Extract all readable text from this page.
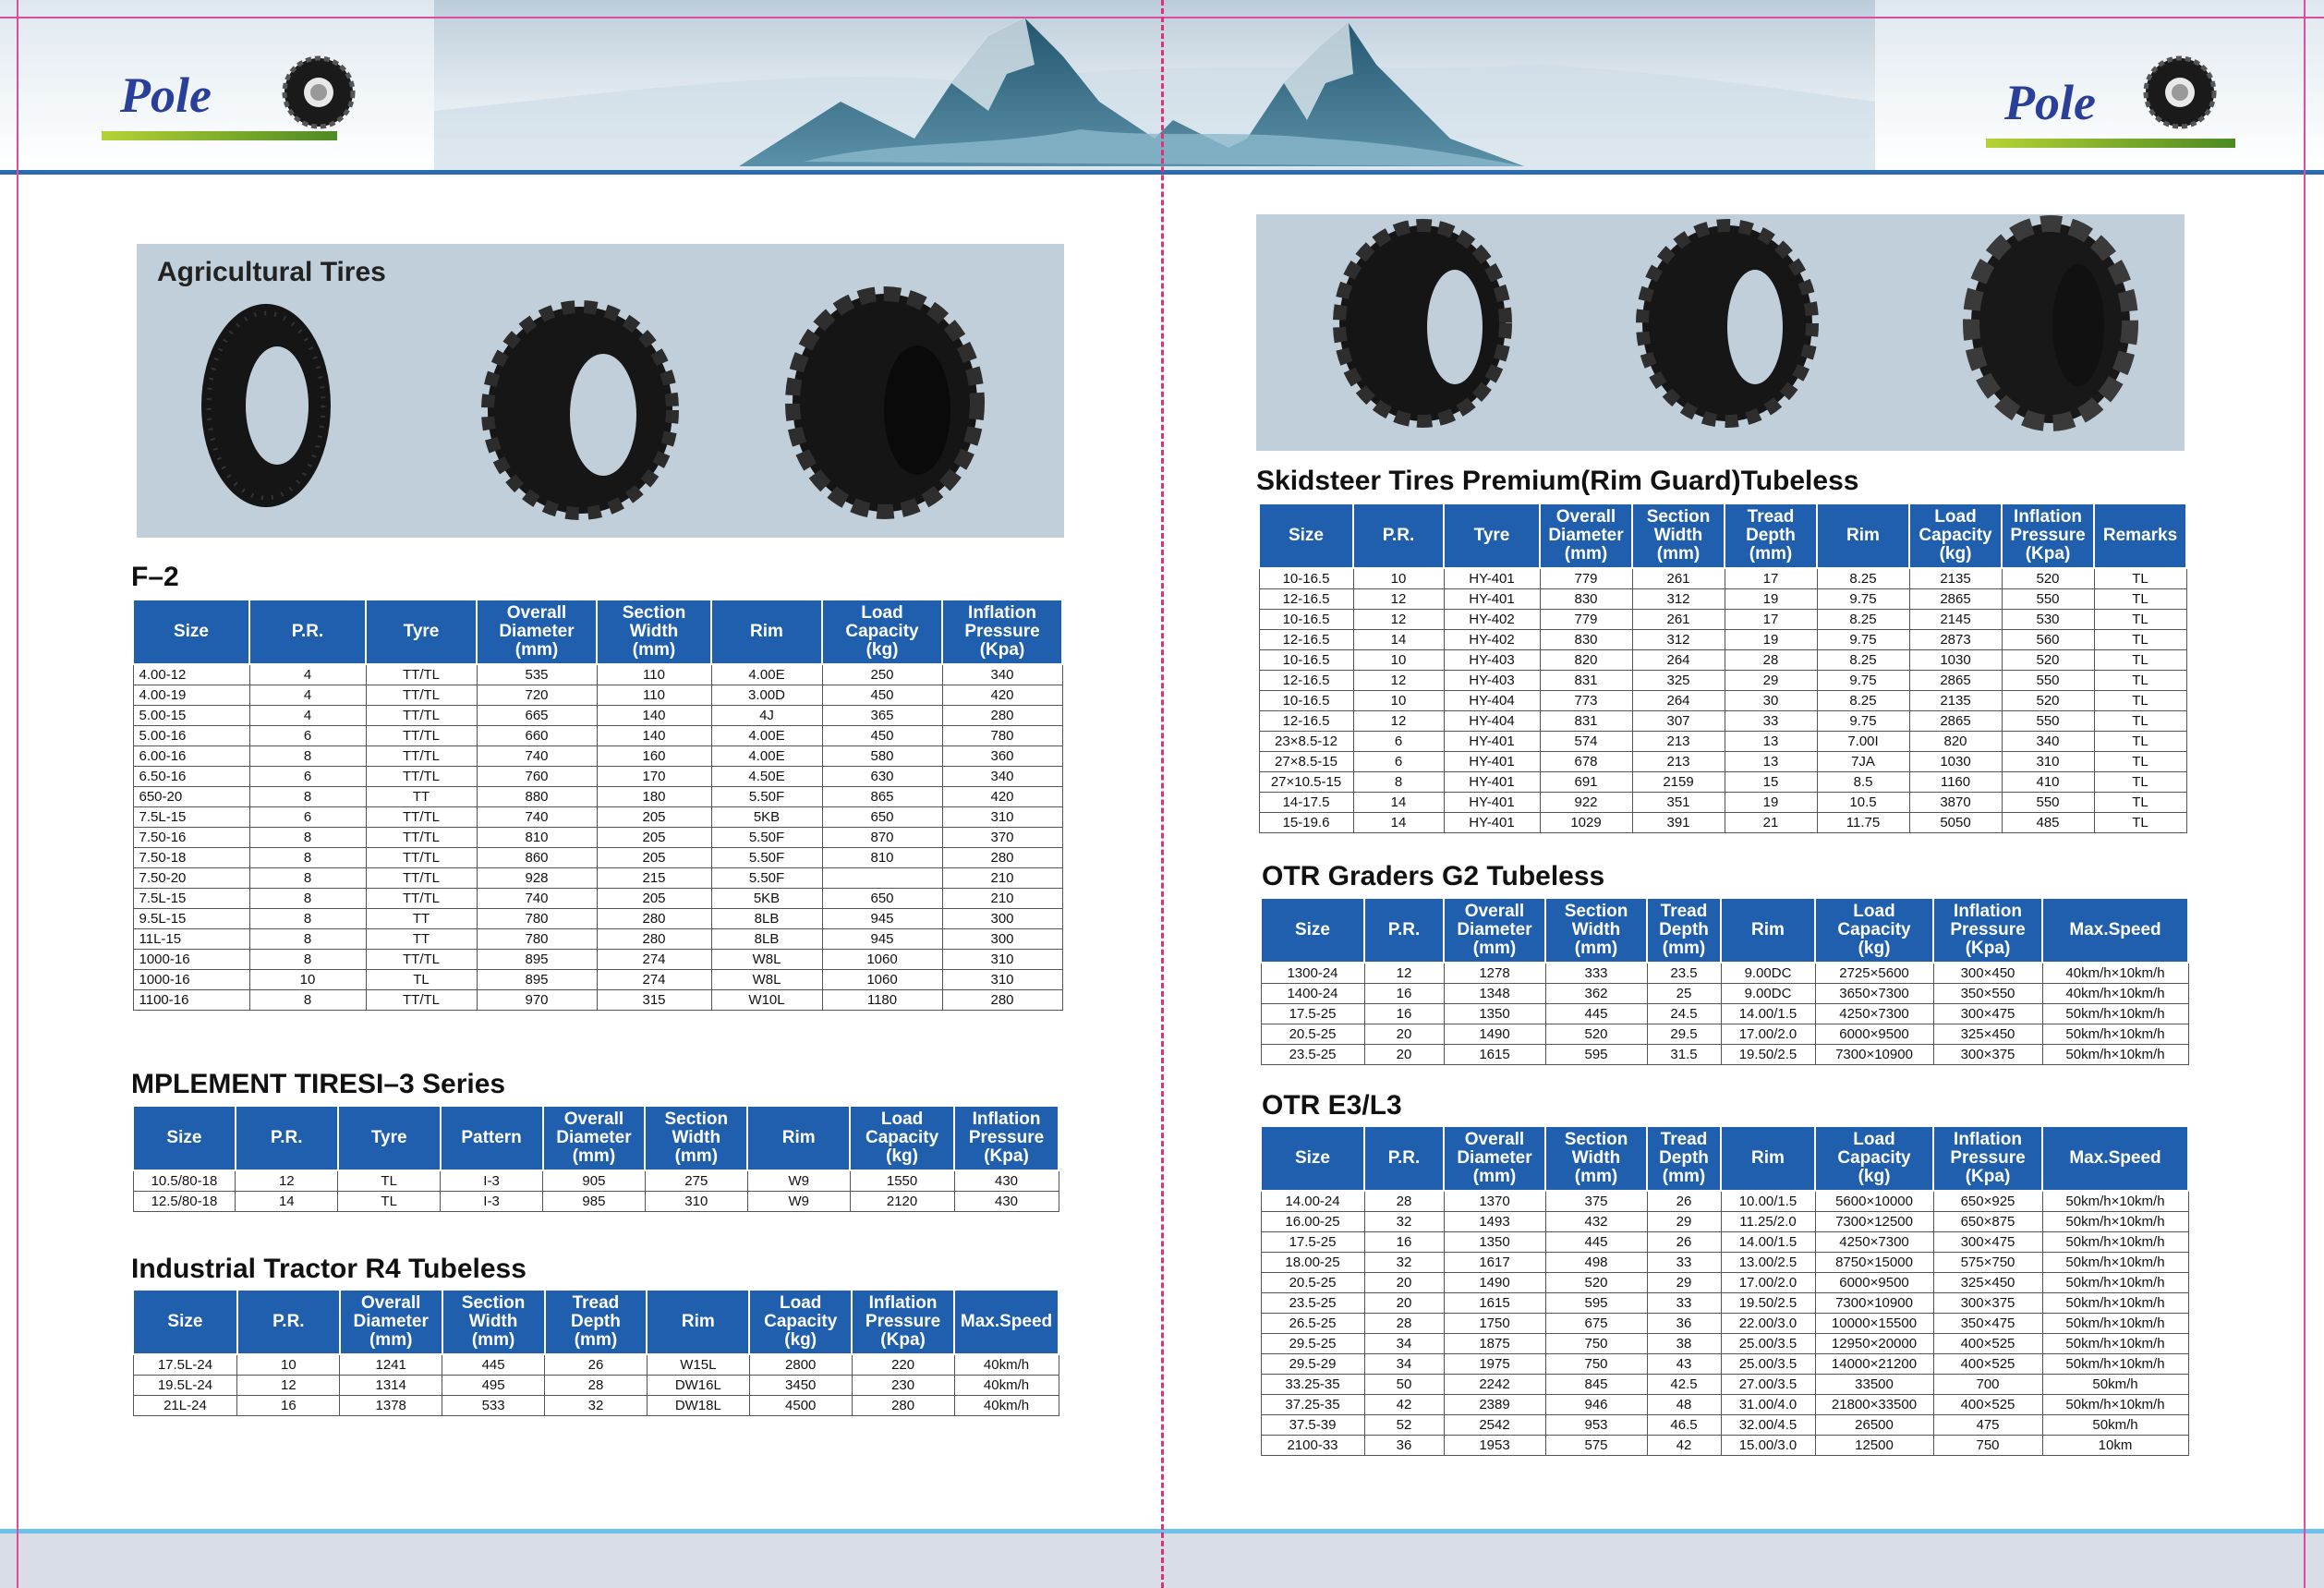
Pole	Pole
Agricultural Tires
F–2
MPLEMENT TIRESI–3 Series
Industrial Tractor R4 Tubeless
Skidsteer Tires Premium(Rim Guard)Tubeless
OTR Graders G2 Tubeless
OTR E3/L3
Size	P.R.	Tyre	Overall
Diameter
(mm)	Section
Width
(mm)	Rim	Load
Capacity
(kg)	Inflation
Pressure
(Kpa)
4.00-12	4	TT/TL	535	110	4.00E	250	340
4.00-19	4	TT/TL	720	110	3.00D	450	420
5.00-15	4	TT/TL	665	140	4J	365	280
5.00-16	6	TT/TL	660	140	4.00E	450	780
6.00-16	8	TT/TL	740	160	4.00E	580	360
6.50-16	6	TT/TL	760	170	4.50E	630	340
650-20	8	TT	880	180	5.50F	865	420
7.5L-15	6	TT/TL	740	205	5KB	650	310
7.50-16	8	TT/TL	810	205	5.50F	870	370
7.50-18	8	TT/TL	860	205	5.50F	810	280
7.50-20	8	TT/TL	928	215	5.50F		210
7.5L-15	8	TT/TL	740	205	5KB	650	210
9.5L-15	8	TT	780	280	8LB	945	300
11L-15	8	TT	780	280	8LB	945	300
1000-16	8	TT/TL	895	274	W8L	1060	310
1000-16	10	TL	895	274	W8L	1060	310
1100-16	8	TT/TL	970	315	W10L	1180	280
Size	P.R.	Tyre	Pattern	Overall
Diameter
(mm)	Section
Width
(mm)	Rim	Load
Capacity
(kg)	Inflation
Pressure
(Kpa)
10.5/80-18	12	TL	I-3	905	275	W9	1550	430
12.5/80-18	14	TL	I-3	985	310	W9	2120	430
Size	P.R.	Overall
Diameter
(mm)	Section
Width
(mm)	Tread
Depth
(mm)	Rim	Load
Capacity
(kg)	Inflation
Pressure
(Kpa)	Max.Speed
17.5L-24	10	1241	445	26	W15L	2800	220	40km/h
19.5L-24	12	1314	495	28	DW16L	3450	230	40km/h
21L-24	16	1378	533	32	DW18L	4500	280	40km/h
Size	P.R.	Tyre	Overall
Diameter
(mm)	Section
Width
(mm)	Tread
Depth
(mm)	Rim	Load
Capacity
(kg)	Inflation
Pressure
(Kpa)	Remarks
10-16.5	10	HY-401	779	261	17	8.25	2135	520	TL
12-16.5	12	HY-401	830	312	19	9.75	2865	550	TL
10-16.5	12	HY-402	779	261	17	8.25	2145	530	TL
12-16.5	14	HY-402	830	312	19	9.75	2873	560	TL
10-16.5	10	HY-403	820	264	28	8.25	1030	520	TL
12-16.5	12	HY-403	831	325	29	9.75	2865	550	TL
10-16.5	10	HY-404	773	264	30	8.25	2135	520	TL
12-16.5	12	HY-404	831	307	33	9.75	2865	550	TL
23×8.5-12	6	HY-401	574	213	13	7.00I	820	340	TL
27×8.5-15	6	HY-401	678	213	13	7JA	1030	310	TL
27×10.5-15	8	HY-401	691	2159	15	8.5	1160	410	TL
14-17.5	14	HY-401	922	351	19	10.5	3870	550	TL
15-19.6	14	HY-401	1029	391	21	11.75	5050	485	TL
Size	P.R.	Overall
Diameter
(mm)	Section
Width
(mm)	Tread
Depth
(mm)	Rim	Load
Capacity
(kg)	Inflation
Pressure
(Kpa)	Max.Speed
1300-24	12	1278	333	23.5	9.00DC	2725×5600	300×450	40km/h×10km/h
1400-24	16	1348	362	25	9.00DC	3650×7300	350×550	40km/h×10km/h
17.5-25	16	1350	445	24.5	14.00/1.5	4250×7300	300×475	50km/h×10km/h
20.5-25	20	1490	520	29.5	17.00/2.0	6000×9500	325×450	50km/h×10km/h
23.5-25	20	1615	595	31.5	19.50/2.5	7300×10900	300×375	50km/h×10km/h
Size	P.R.	Overall
Diameter
(mm)	Section
Width
(mm)	Tread
Depth
(mm)	Rim	Load
Capacity
(kg)	Inflation
Pressure
(Kpa)	Max.Speed
14.00-24	28	1370	375	26	10.00/1.5	5600×10000	650×925	50km/h×10km/h
16.00-25	32	1493	432	29	11.25/2.0	7300×12500	650×875	50km/h×10km/h
17.5-25	16	1350	445	26	14.00/1.5	4250×7300	300×475	50km/h×10km/h
18.00-25	32	1617	498	33	13.00/2.5	8750×15000	575×750	50km/h×10km/h
20.5-25	20	1490	520	29	17.00/2.0	6000×9500	325×450	50km/h×10km/h
23.5-25	20	1615	595	33	19.50/2.5	7300×10900	300×375	50km/h×10km/h
26.5-25	28	1750	675	36	22.00/3.0	10000×15500	350×475	50km/h×10km/h
29.5-25	34	1875	750	38	25.00/3.5	12950×20000	400×525	50km/h×10km/h
29.5-29	34	1975	750	43	25.00/3.5	14000×21200	400×525	50km/h×10km/h
33.25-35	50	2242	845	42.5	27.00/3.5	33500	700	50km/h
37.25-35	42	2389	946	48	31.00/4.0	21800×33500	400×525	50km/h×10km/h
37.5-39	52	2542	953	46.5	32.00/4.5	26500	475	50km/h
2100-33	36	1953	575	42	15.00/3.0	12500	750	10km
